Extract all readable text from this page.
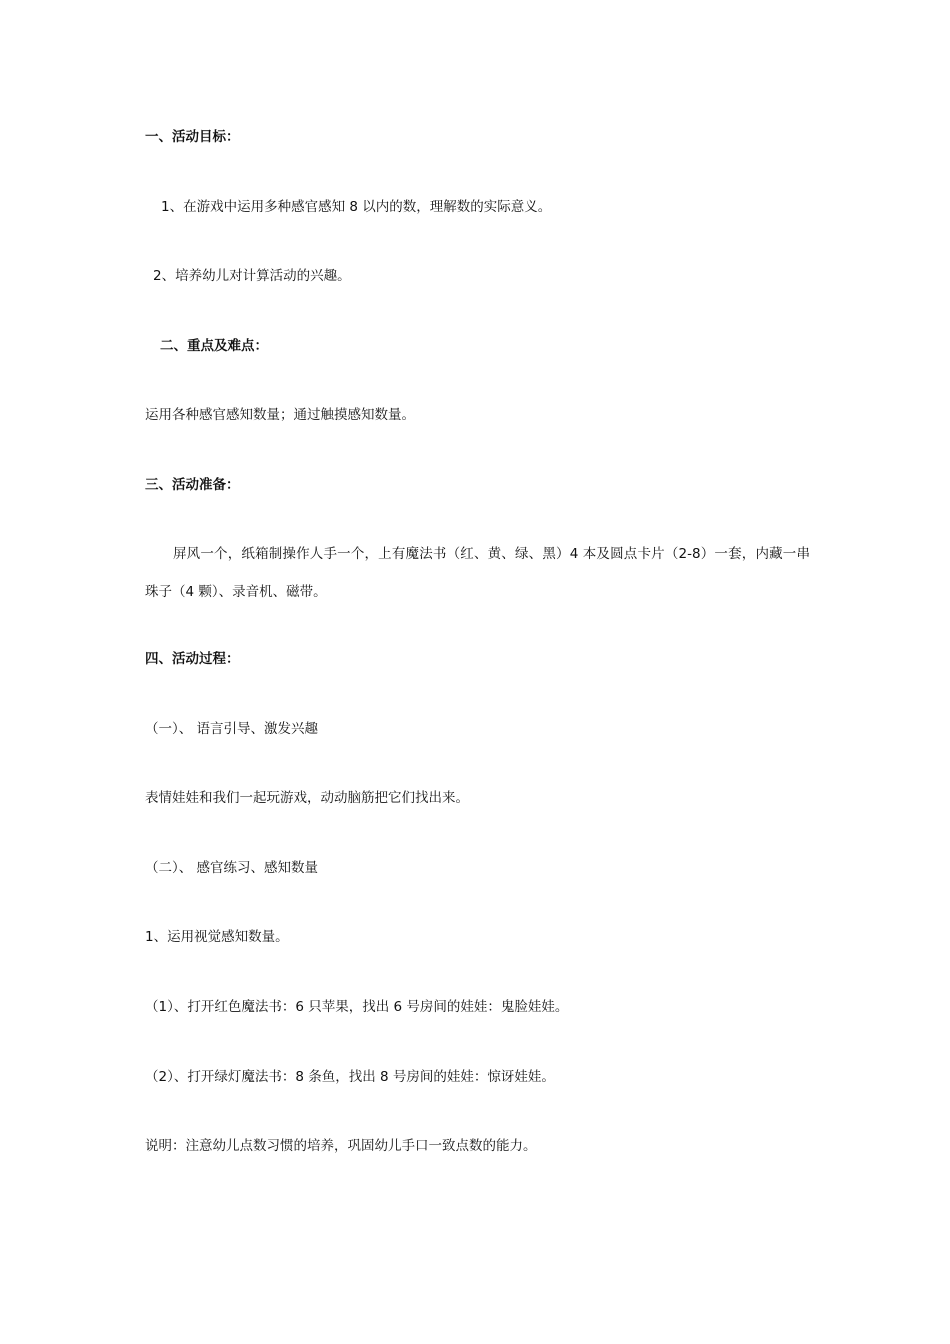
一、活动目标：
1、在游戏中运用多种感官感知 8 以内的数，理解数的实际意义。
2、培养幼儿对计算活动的兴趣。
二、重点及难点：
运用各种感官感知数量；通过触摸感知数量。
三、活动准备：
屏风一个，纸箱制操作人手一个，上有魔法书（红、黄、绿、黑）4 本及圆点卡片（2-8）一套，内藏一串珠子（4 颗）、录音机、磁带。
四、活动过程：
（一）、 语言引导、激发兴趣
表情娃娃和我们一起玩游戏，动动脑筋把它们找出来。
（二）、 感官练习、感知数量
1、运用视觉感知数量。
（1）、打开红色魔法书：6 只苹果，找出 6 号房间的娃娃：鬼脸娃娃。
（2）、打开绿灯魔法书：8 条鱼，找出 8 号房间的娃娃：惊讶娃娃。
说明：注意幼儿点数习惯的培养，巩固幼儿手口一致点数的能力。
